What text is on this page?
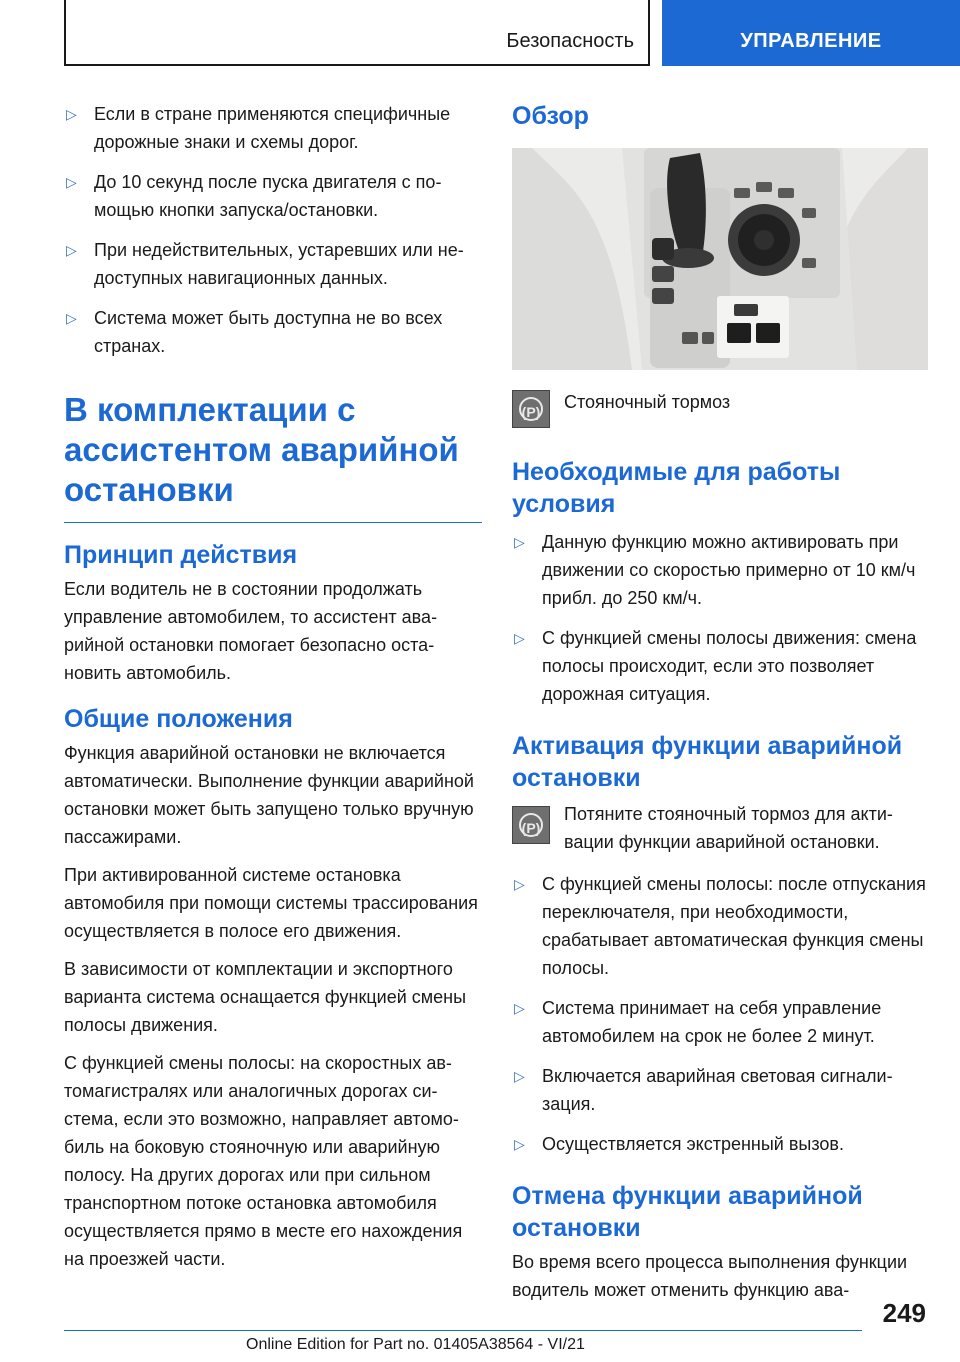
Безопасность	УПРАВЛЕНИЕ
▷ Если в стране применяются специфичные дорожные знаки и схемы дорог.
▷ До 10 секунд после пуска двигателя с помощью кнопки запуска/остановки.
▷ При недействительных, устаревших или недоступных навигационных данных.
▷ Система может быть доступна не во всех странах.
В комплектации с ассистентом аварийной остановки
Принцип действия

Если водитель не в состоянии продолжать управление автомобилем, то ассистент аварийной остановки помогает безопасно остановить автомобиль.

Общие положения

Функция аварийной остановки не включается автоматически. Выполнение функции аварийной остановки может быть запущено только вручную пассажирами.

При активированной системе остановка автомобиля при помощи системы трассирования осуществляется в полосе его движения.

В зависимости от комплектации и экспортного варианта система оснащается функцией смены полосы движения.

С функцией смены полосы: на скоростных автомагистралях или аналогичных дорогах система, если это возможно, направляет автомобиль на боковую стояночную или аварийную полосу. На других дорогах или при сильном транспортном потоке остановка автомобиля осуществляется прямо в месте его нахождения на проезжей части.

Обзор
(P)	Стояночный тормоз
Необходимые для работы условия
▷ Данную функцию можно активировать при движении со скоростью примерно от 10 км/ч прибл. до 250 км/ч.
▷ С функцией смены полосы движения: смена полосы происходит, если это позволяет дорожная ситуация.
Активация функции аварийной остановки
(P)
Потяните стояночный тормоз для активации функции аварийной остановки.
▷ С функцией смены полосы: после отпускания переключателя, при необходимости, срабатывает автоматическая функция смены полосы.
▷ Система принимает на себя управление автомобилем на срок не более 2 минут.
▷ Включается аварийная световая сигнализация.
▷ Осуществляется экстренный вызов.
Отмена функции аварийной остановки

Во время всего процесса выполнения функции водитель может отменить функцию ава-

249
Online Edition for Part no. 01405A38564 - VI/21
